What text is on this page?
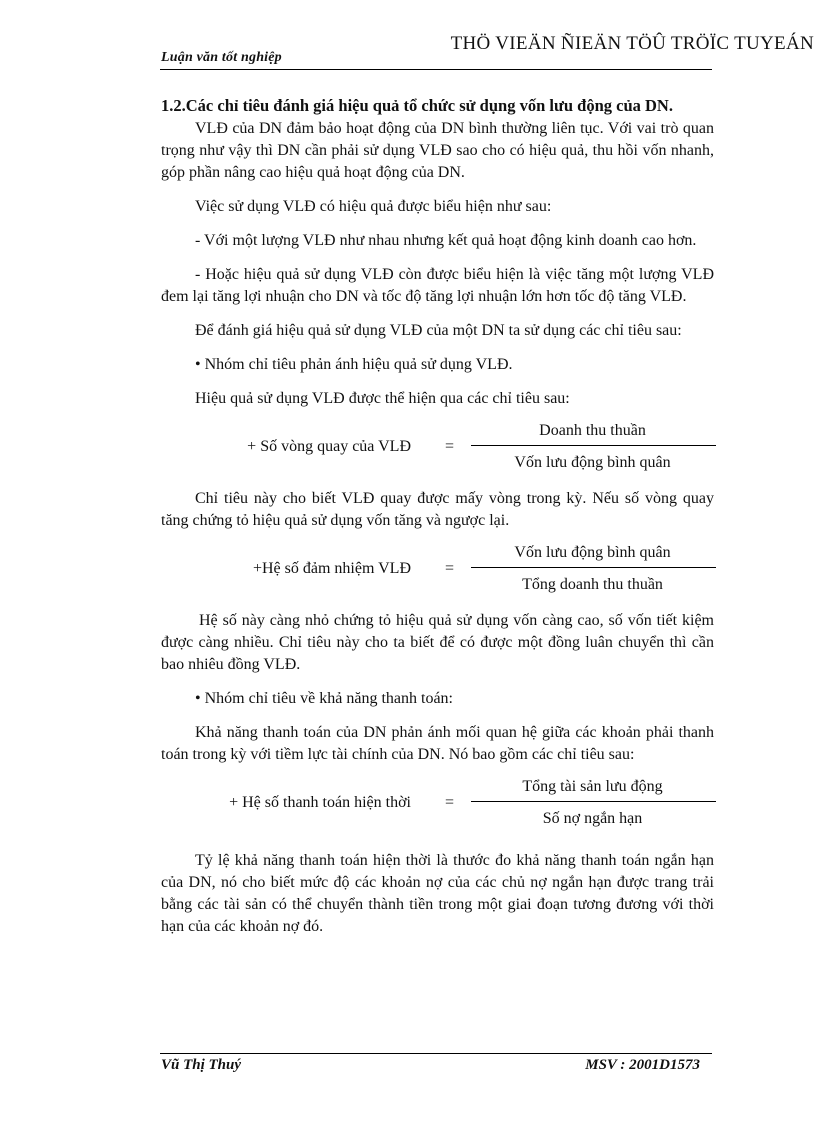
Luận văn tốt nghiệp
THÖ VIEÄN ÑIEÄN TÖÛ TRÖÏC TUYEÁN
1.2.Các chỉ tiêu đánh giá hiệu quả tổ chức sử dụng vốn lưu động của DN.

VLĐ của DN đảm bảo hoạt động của DN bình thường liên tục. Với vai trò quan trọng như vậy thì DN cần phải sử dụng VLĐ sao cho có hiệu quả, thu hồi vốn nhanh, góp phần nâng cao hiệu quả hoạt động của DN.

Việc sử dụng VLĐ có hiệu quả được biểu hiện như sau:

- Với một lượng VLĐ như nhau nhưng kết quả hoạt động kinh doanh cao hơn.

- Hoặc hiệu quả sử dụng VLĐ còn được biểu hiện là việc tăng một lượng VLĐ đem lại tăng lợi nhuận cho DN và tốc độ tăng lợi nhuận lớn hơn tốc độ tăng VLĐ.

Để đánh giá hiệu quả sử dụng VLĐ của một DN ta sử dụng các chỉ tiêu sau:

• Nhóm chỉ tiêu phản ánh hiệu quả sử dụng VLĐ.

Hiệu quả sử dụng VLĐ được thể hiện qua các chỉ tiêu sau:

+ Số vòng quay của VLĐ =
Doanh thu thuần
Vốn lưu động bình quân

Chỉ tiêu này cho biết VLĐ quay được mấy vòng trong kỳ. Nếu số vòng quay tăng chứng tỏ hiệu quả sử dụng vốn tăng và ngược lại.

+Hệ số đảm nhiệm VLĐ =
Vốn lưu động bình quân
Tổng doanh thu thuần

Hệ số này càng nhỏ chứng tỏ hiệu quả sử dụng vốn càng cao, số vốn tiết kiệm được càng nhiều. Chỉ tiêu này cho ta biết để có được một đồng luân chuyển thì cần bao nhiêu đồng VLĐ.

• Nhóm chỉ tiêu về khả năng thanh toán:

Khả năng thanh toán của DN phản ánh mối quan hệ giữa các khoản phải thanh toán trong kỳ với tiềm lực tài chính của DN. Nó bao gồm các chỉ tiêu sau:

+ Hệ số thanh toán hiện thời =
Tổng tài sản lưu động
Số nợ ngắn hạn

Tỷ lệ khả năng thanh toán hiện thời là thước đo khả năng thanh toán ngắn hạn của DN, nó cho biết mức độ các khoản nợ của các chủ nợ ngắn hạn được trang trải bằng các tài sản có thể chuyển thành tiền trong một giai đoạn tương đương với thời hạn của các khoản nợ đó.

Vũ Thị Thuý	MSV : 2001D1573
